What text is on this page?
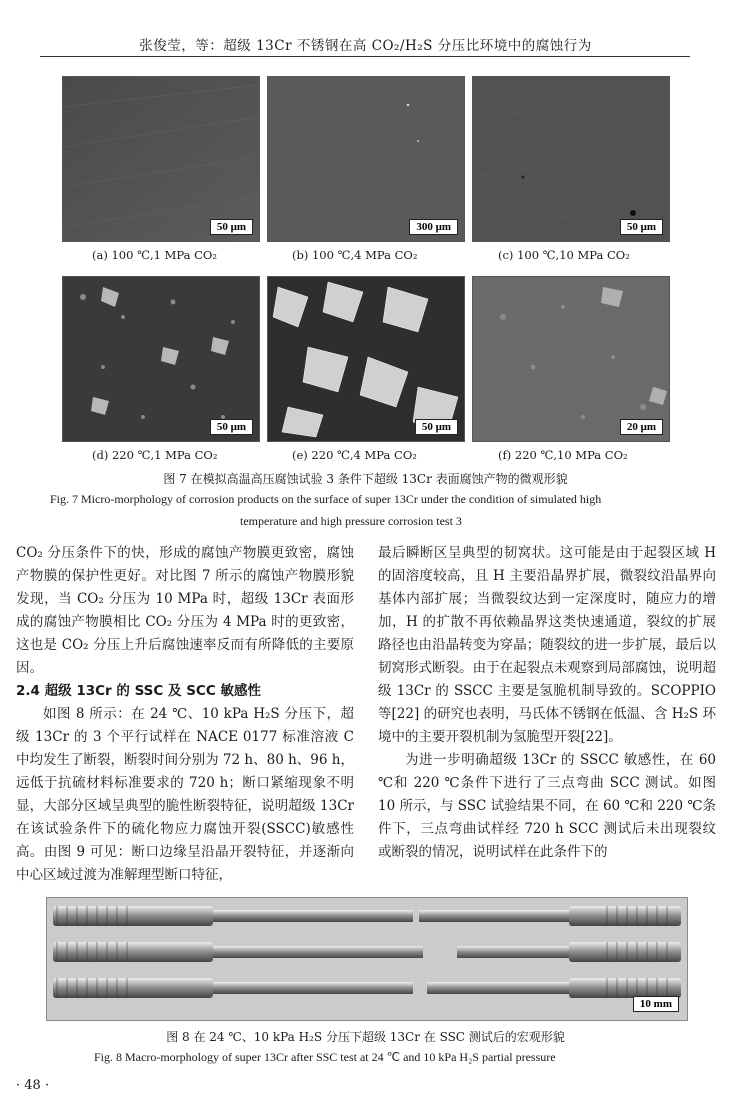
张俊莹，等：超级 13Cr 不锈钢在高 CO₂/H₂S 分压比环境中的腐蚀行为
50 μm	300 μm	50 μm
(a) 100 ℃,1 MPa CO₂	(b) 100 ℃,4 MPa CO₂	(c) 100 ℃,10 MPa CO₂
50 μm	50 μm	20 μm
(d) 220 ℃,1 MPa CO₂	(e) 220 ℃,4 MPa CO₂	(f) 220 ℃,10 MPa CO₂
图 7 在模拟高温高压腐蚀试验 3 条件下超级 13Cr 表面腐蚀产物的微观形貌
Fig. 7 Micro-morphology of corrosion products on the surface of super 13Cr under the condition of simulated high
temperature and high pressure corrosion test 3

CO₂ 分压条件下的快，形成的腐蚀产物膜更致密，腐蚀产物膜的保护性更好。对比图 7 所示的腐蚀产物膜形貌发现，当 CO₂ 分压为 10 MPa 时，超级 13Cr 表面形成的腐蚀产物膜相比 CO₂ 分压为 4 MPa 时的更致密，这也是 CO₂ 分压上升后腐蚀速率反而有所降低的主要原因。

2.4 超级 13Cr 的 SSC 及 SCC 敏感性

如图 8 所示：在 24 ℃、10 kPa H₂S 分压下，超级 13Cr 的 3 个平行试样在 NACE 0177 标准溶液 C 中均发生了断裂，断裂时间分别为 72 h、80 h、96 h，远低于抗硫材料标准要求的 720 h；断口紧缩现象不明显，大部分区域呈典型的脆性断裂特征，说明超级 13Cr 在该试验条件下的硫化物应力腐蚀开裂(SSCC)敏感性高。由图 9 可见：断口边缘呈沿晶开裂特征，并逐渐向中心区域过渡为准解理型断口特征，

最后瞬断区呈典型的韧窝状。这可能是由于起裂区域 H 的固溶度较高，且 H 主要沿晶界扩展，微裂纹沿晶界向基体内部扩展；当微裂纹达到一定深度时，随应力的增加，H 的扩散不再依赖晶界这类快速通道，裂纹的扩展路径也由沿晶转变为穿晶；随裂纹的进一步扩展，最后以韧窝形式断裂。由于在起裂点未观察到局部腐蚀，说明超级 13Cr 的 SSCC 主要是氢脆机制导致的。SCOPPIO 等[22] 的研究也表明，马氏体不锈钢在低温、含 H₂S 环境中的主要开裂机制为氢脆型开裂[22]。

为进一步明确超级 13Cr 的 SSCC 敏感性，在 60 ℃和 220 ℃条件下进行了三点弯曲 SCC 测试。如图 10 所示，与 SSC 试验结果不同，在 60 ℃和 220 ℃条件下，三点弯曲试样经 720 h SCC 测试后未出现裂纹或断裂的情况，说明试样在此条件下的

10 mm
图 8 在 24 ℃、10 kPa H₂S 分压下超级 13Cr 在 SSC 测试后的宏观形貌
Fig. 8 Macro-morphology of super 13Cr after SSC test at 24 ℃ and 10 kPa H₂S partial pressure
· 48 ·
